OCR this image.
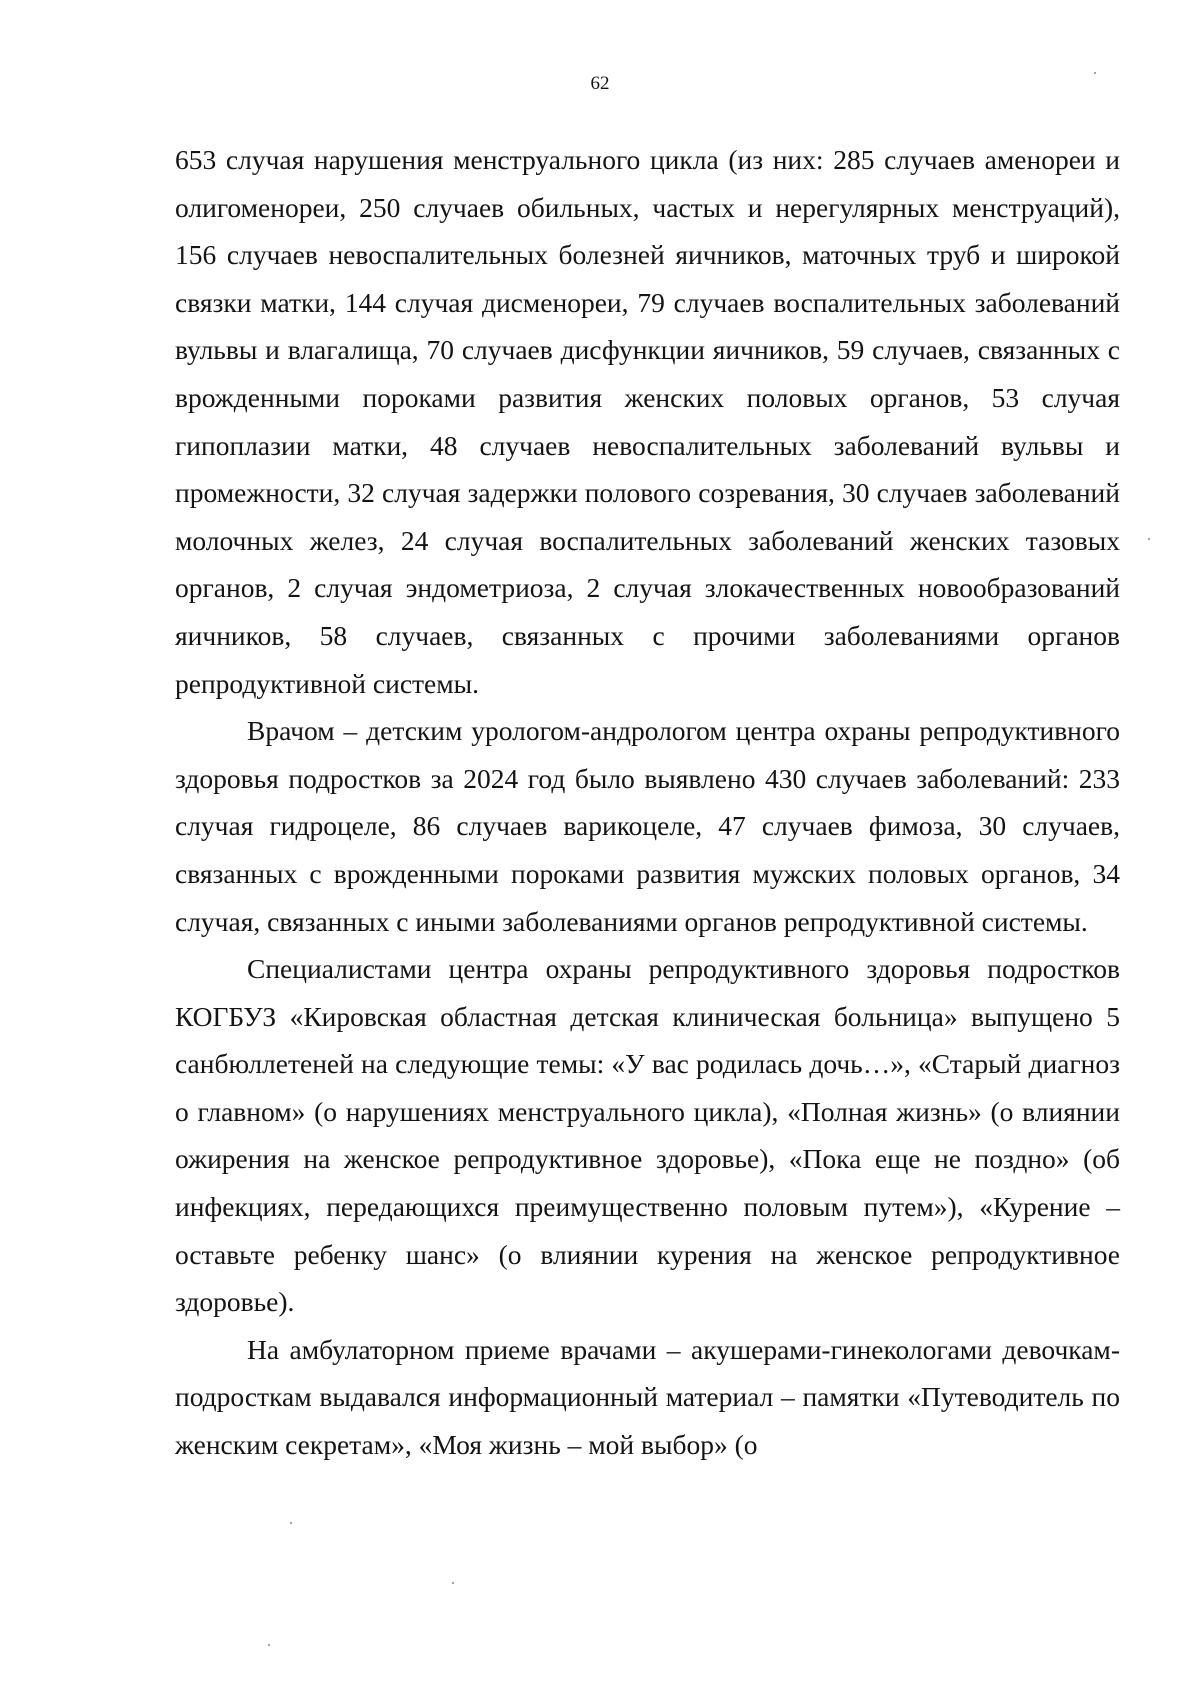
62

653 случая нарушения менструального цикла (из них: 285 случаев аменореи и олигоменореи, 250 случаев обильных, частых и нерегулярных менструаций), 156 случаев невоспалительных болезней яичников, маточных труб и широкой связки матки, 144 случая дисменореи, 79 случаев воспалительных заболеваний вульвы и влагалища, 70 случаев дисфункции яичников, 59 случаев, связанных с врожденными пороками развития женских половых органов, 53 случая гипоплазии матки, 48 случаев невоспалительных заболеваний вульвы и промежности, 32 случая задержки полового созревания, 30 случаев заболеваний молочных желез, 24 случая воспалительных заболеваний женских тазовых органов, 2 случая эндометриоза, 2 случая злокачественных новообразований яичников, 58 случаев, связанных с прочими заболеваниями органов репродуктивной системы.

Врачом – детским урологом-андрологом центра охраны репродуктивного здоровья подростков за 2024 год было выявлено 430 случаев заболеваний: 233 случая гидроцеле, 86 случаев варикоцеле, 47 случаев фимоза, 30 случаев, связанных с врожденными пороками развития мужских половых органов, 34 случая, связанных с иными заболеваниями органов репродуктивной системы.

Специалистами центра охраны репродуктивного здоровья подростков КОГБУЗ «Кировская областная детская клиническая больница» выпущено 5 санбюллетеней на следующие темы: «У вас родилась дочь…», «Старый диагноз о главном» (о нарушениях менструального цикла), «Полная жизнь» (о влиянии ожирения на женское репродуктивное здоровье), «Пока еще не поздно» (об инфекциях, передающихся преимущественно половым путем»), «Курение – оставьте ребенку шанс» (о влиянии курения на женское репродуктивное здоровье).

На амбулаторном приеме врачами – акушерами-гинекологами девочкам-подросткам выдавался информационный материал – памятки «Путеводитель по женским секретам», «Моя жизнь – мой выбор» (о
